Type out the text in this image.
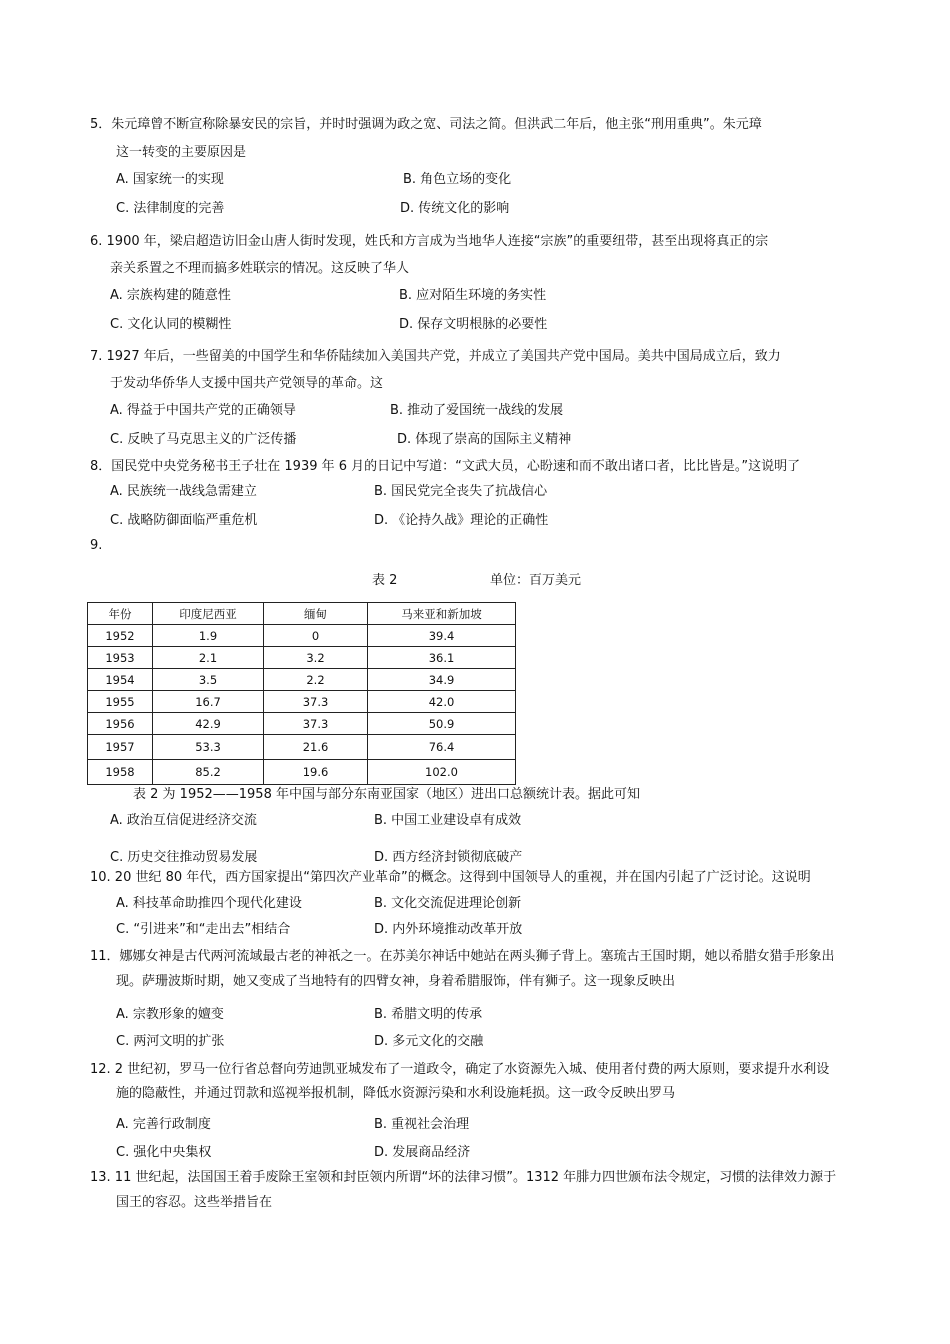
5．朱元璋曾不断宣称除暴安民的宗旨，并时时强调为政之宽、司法之简。但洪武二年后，他主张“刑用重典”。朱元璋
这一转变的主要原因是
A. 国家统一的实现	B. 角色立场的变化
C. 法律制度的完善	D. 传统文化的影响
6. 1900 年，梁启超造访旧金山唐人街时发现，姓氏和方言成为当地华人连接“宗族”的重要纽带，甚至出现将真正的宗
亲关系置之不理而搞多姓联宗的情况。这反映了华人
A. 宗族构建的随意性	B. 应对陌生环境的务实性
C. 文化认同的模糊性	D. 保存文明根脉的必要性
7. 1927 年后，一些留美的中国学生和华侨陆续加入美国共产党，并成立了美国共产党中国局。美共中国局成立后，致力
于发动华侨华人支援中国共产党领导的革命。这
A. 得益于中国共产党的正确领导	B. 推动了爱国统一战线的发展
C. 反映了马克思主义的广泛传播	D. 体现了崇高的国际主义精神
8．国民党中央党务秘书王子壮在 1939 年 6 月的日记中写道：“文武大员，心盼速和而不敢出诸口者，比比皆是。”这说明了
A. 民族统一战线急需建立	B. 国民党完全丧失了抗战信心
C. 战略防御面临严重危机	D. 《论持久战》理论的正确性
9.
表 2	单位：百万美元
年份	印度尼西亚	缅甸	马来亚和新加坡
1952	1.9	0	39.4
1953	2.1	3.2	36.1
1954	3.5	2.2	34.9
1955	16.7	37.3	42.0
1956	42.9	37.3	50.9
1957	53.3	21.6	76.4
1958	85.2	19.6	102.0
表 2 为 1952——1958 年中国与部分东南亚国家（地区）进出口总额统计表。据此可知
A. 政治互信促进经济交流	B. 中国工业建设卓有成效
C. 历史交往推动贸易发展	D. 西方经济封锁彻底破产
10. 20 世纪 80 年代，西方国家提出“第四次产业革命”的概念。这得到中国领导人的重视，并在国内引起了广泛讨论。这说明
A. 科技革命助推四个现代化建设	B. 文化交流促进理论创新
C. “引进来”和“走出去”相结合	D. 内外环境推动改革开放
11．娜娜女神是古代两河流域最古老的神祇之一。在苏美尔神话中她站在两头狮子背上。塞琉古王国时期，她以希腊女猎手形象出
现。萨珊波斯时期，她又变成了当地特有的四臂女神，身着希腊服饰，伴有狮子。这一现象反映出
A. 宗教形象的嬗变	B. 希腊文明的传承
C. 两河文明的扩张	D. 多元文化的交融
12. 2 世纪初，罗马一位行省总督向劳迪凯亚城发布了一道政令，确定了水资源先入城、使用者付费的两大原则，要求提升水利设
施的隐蔽性，并通过罚款和巡视举报机制，降低水资源污染和水利设施耗损。这一政令反映出罗马
A. 完善行政制度	B. 重视社会治理
C. 强化中央集权	D. 发展商品经济
13. 11 世纪起，法国国王着手废除王室领和封臣领内所谓“坏的法律习惯”。1312 年腓力四世颁布法令规定，习惯的法律效力源于
国王的容忍。这些举措旨在
